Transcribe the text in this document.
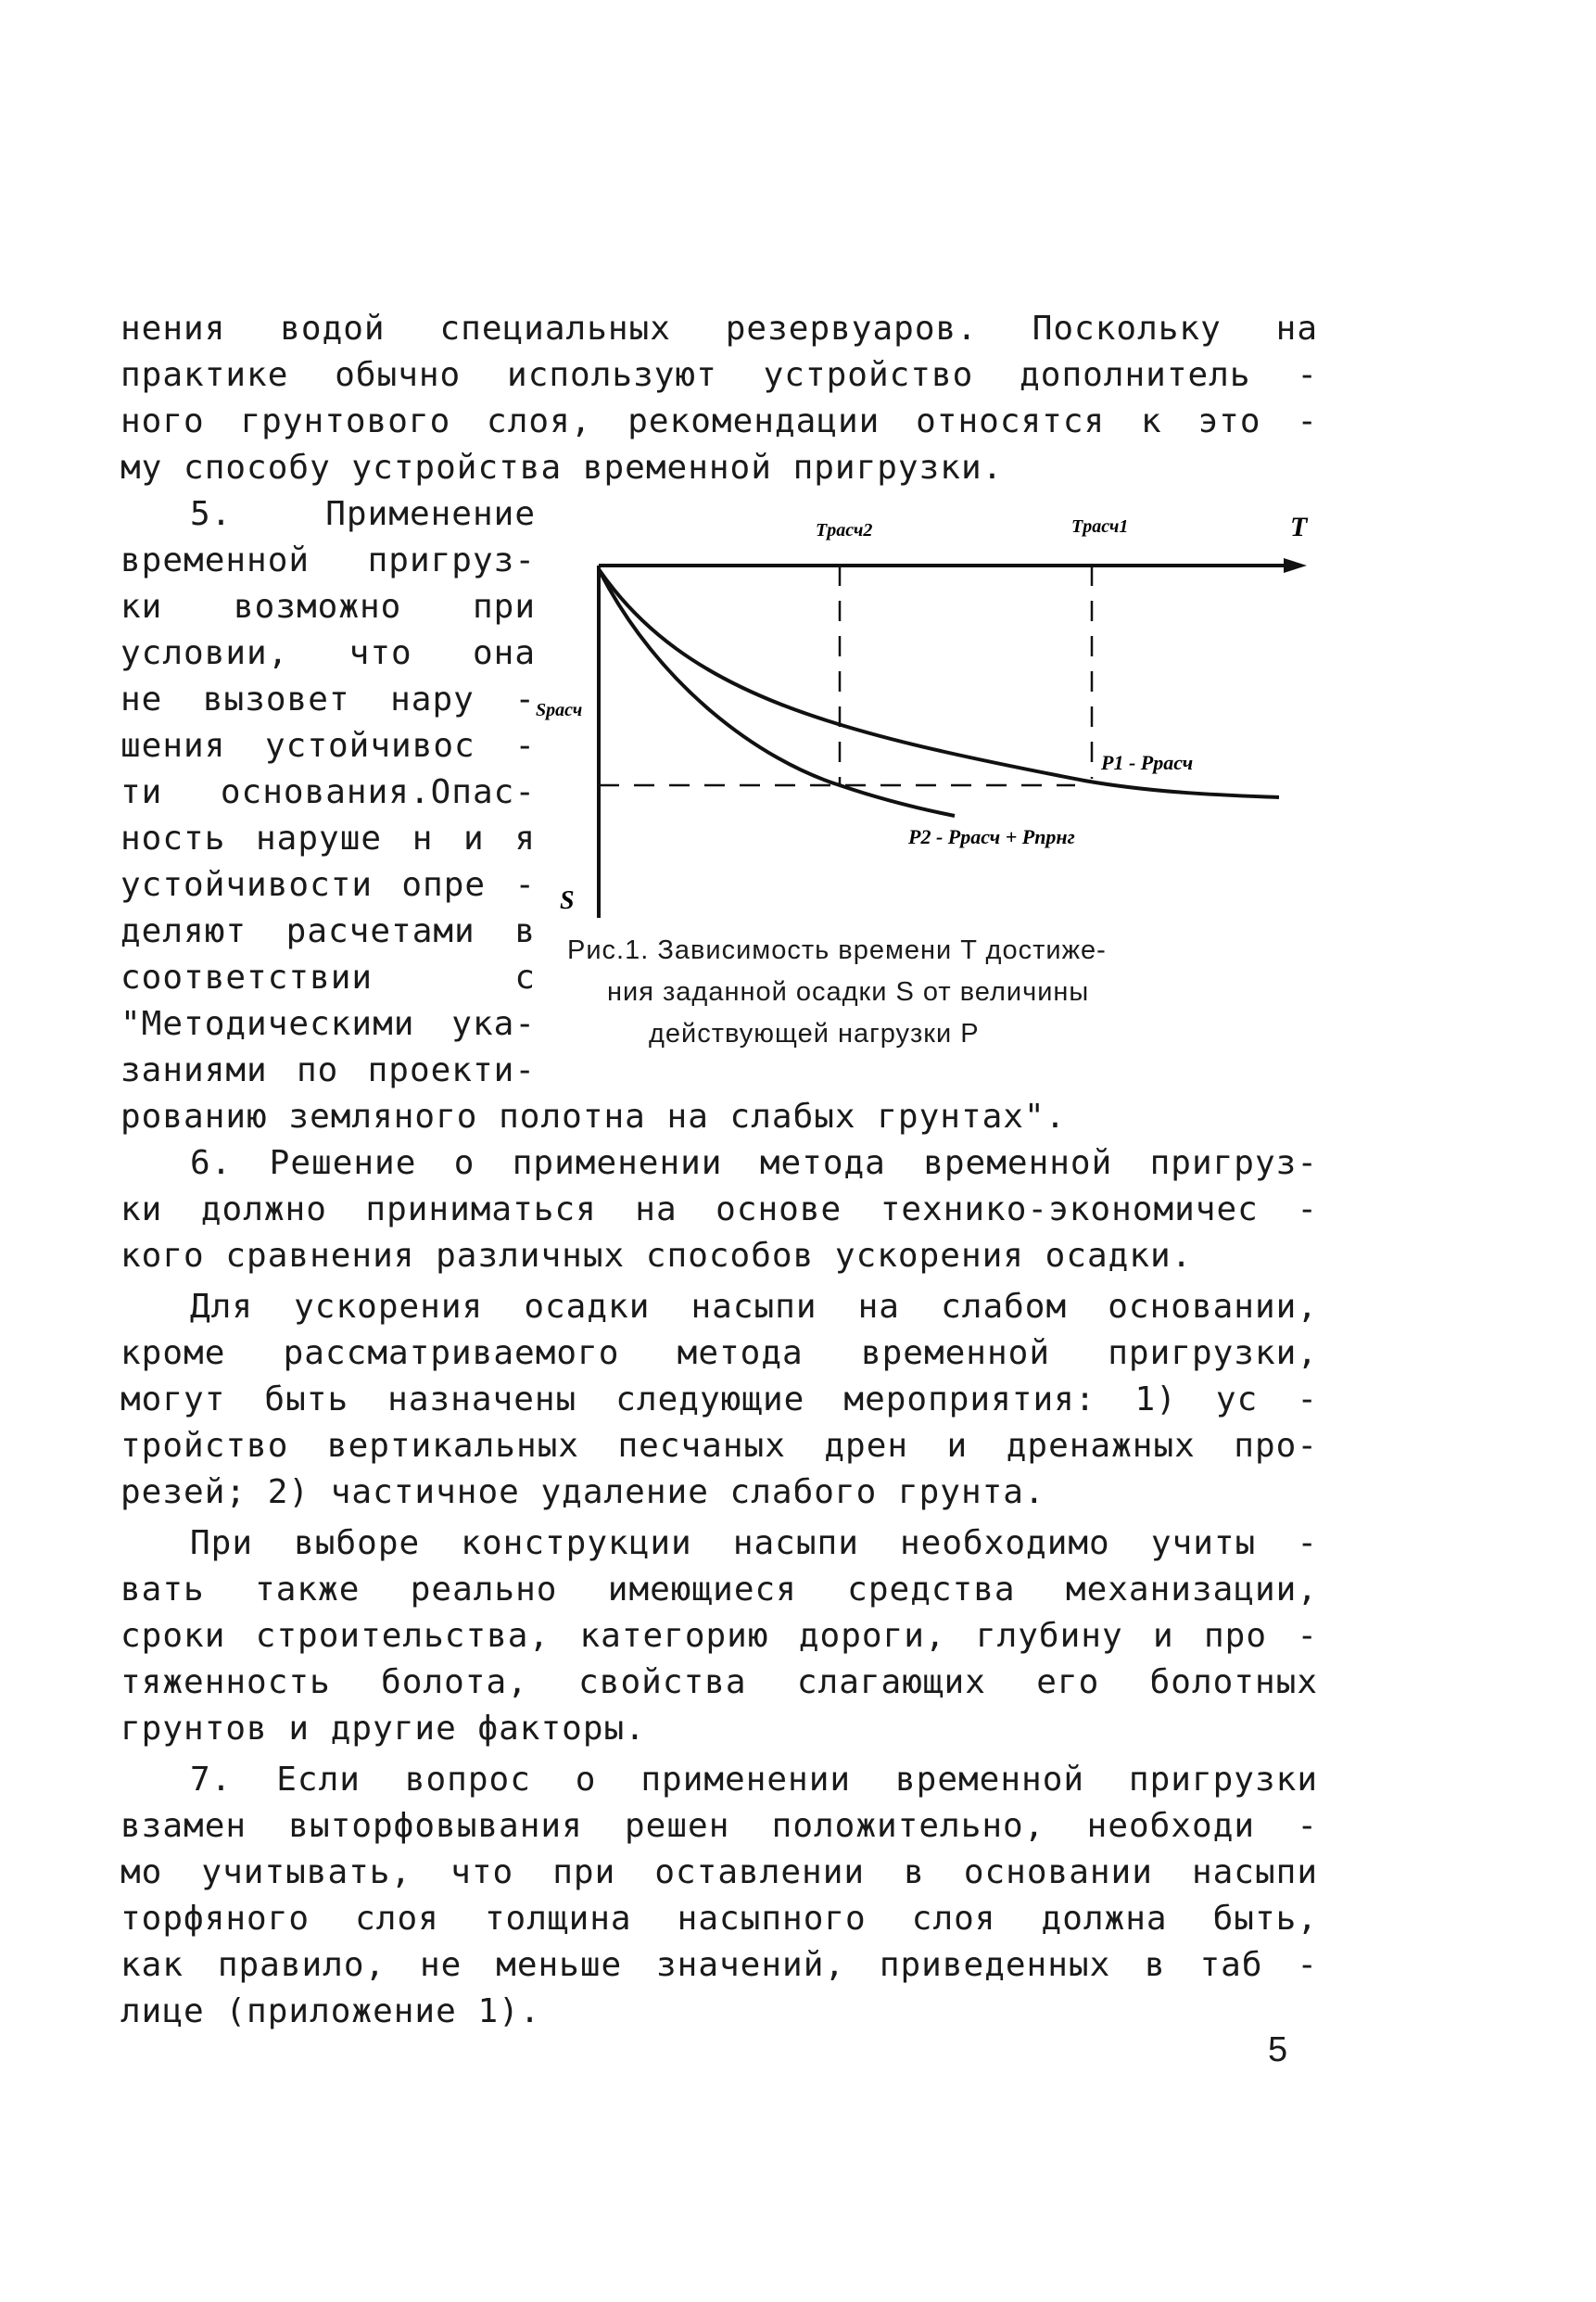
нения водой специальных резервуаров. Поскольку на
практике обычно используют устройство дополнитель -
ного грунтового слоя, рекомендации относятся к это -
му способу устройства временной пригрузки.
5. Применение
временной пригруз-
ки возможно при
условии, что она
не вызовет нару -
шения устойчивос -
ти основания.Опас-
ность наруше н и я
устойчивости опре -
деляют расчетами в
соответствии с
"Методическими ука-
заниями по проекти-
рованию земляного полотна на слабых грунтах".
6. Решение о применении метода временной пригруз-
ки должно приниматься на основе технико-экономичес -
кого сравнения различных способов ускорения осадки.
Для ускорения осадки насыпи на слабом основании,
кроме рассматриваемого метода временной пригрузки,
могут быть назначены следующие мероприятия: 1) ус -
тройство вертикальных песчаных дрен и дренажных про-
резей; 2) частичное удаление слабого грунта.
При выборе конструкции насыпи необходимо учиты -
вать также реально имеющиеся средства механизации,
сроки строительства, категорию дороги, глубину и про -
тяженность болота, свойства слагающих его болотных
грунтов и другие факторы.
7. Если вопрос о применении временной пригрузки
взамен выторфовывания решен положительно, необходи -
мо учитывать, что при оставлении в основании насыпи
торфяного слоя толщина насыпного слоя должна быть,
как правило, не меньше значений, приведенных в таб -
лице (приложение 1).
5
T
Tрасч2	Tрасч1
Sрасч
S
P1 - Pрасч
P2 - Pрасч + Pпрнг
Рис.1. Зависимость времени T достиже-
ния заданной осадки S от величины
действующей нагрузки P
